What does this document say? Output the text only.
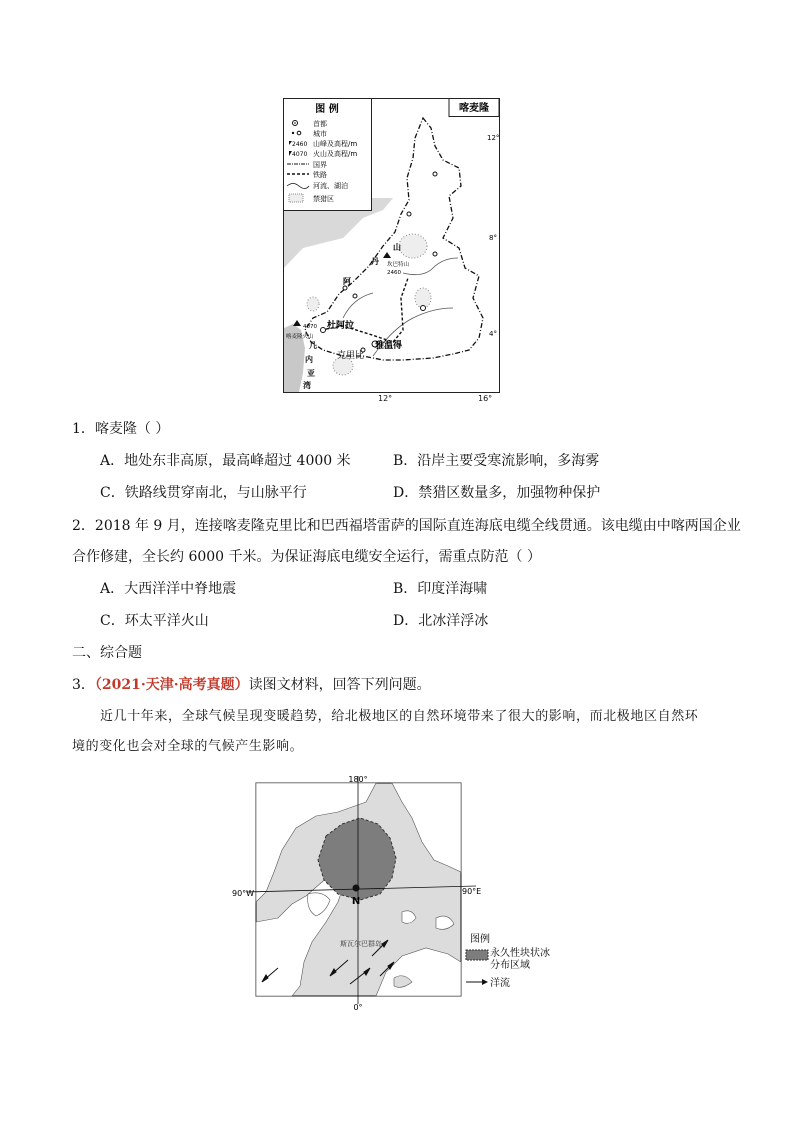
图 例
首都
城市
2460 山峰及高程/m
4070 火山及高程/m
国界
铁路
河流、湖泊
禁猎区
喀麦隆
12°
8°
4°
山
丹 坎巴特山
2460
阿
4070 杜阿拉
克里比
雅温得
喀麦隆火山
几
内
亚
湾
12°	16°
1．喀麦隆（ ）
A．地处东非高原，最高峰超过 4000 米	B．沿岸主要受寒流影响，多海雾
C．铁路线贯穿南北，与山脉平行	D．禁猎区数量多，加强物种保护
2．2018 年 9 月，连接喀麦隆克里比和巴西福塔雷萨的国际直连海底电缆全线贯通。该电缆由中喀两国企业
合作修建，全长约 6000 千米。为保证海底电缆安全运行，需重点防范（ ）
A．大西洋洋中脊地震	B．印度洋海啸
C．环太平洋火山	D．北冰洋浮冰
二、综合题
3．（2021·天津·高考真题）读图文材料，回答下列问题。
近几十年来，全球气候呈现变暖趋势，给北极地区的自然环境带来了很大的影响，而北极地区自然环
境的变化也会对全球的气候产生影响。
N
180°
90°W	90°E
0°
斯瓦尔巴群岛	图例
永久性块状冰
分布区域
洋流
